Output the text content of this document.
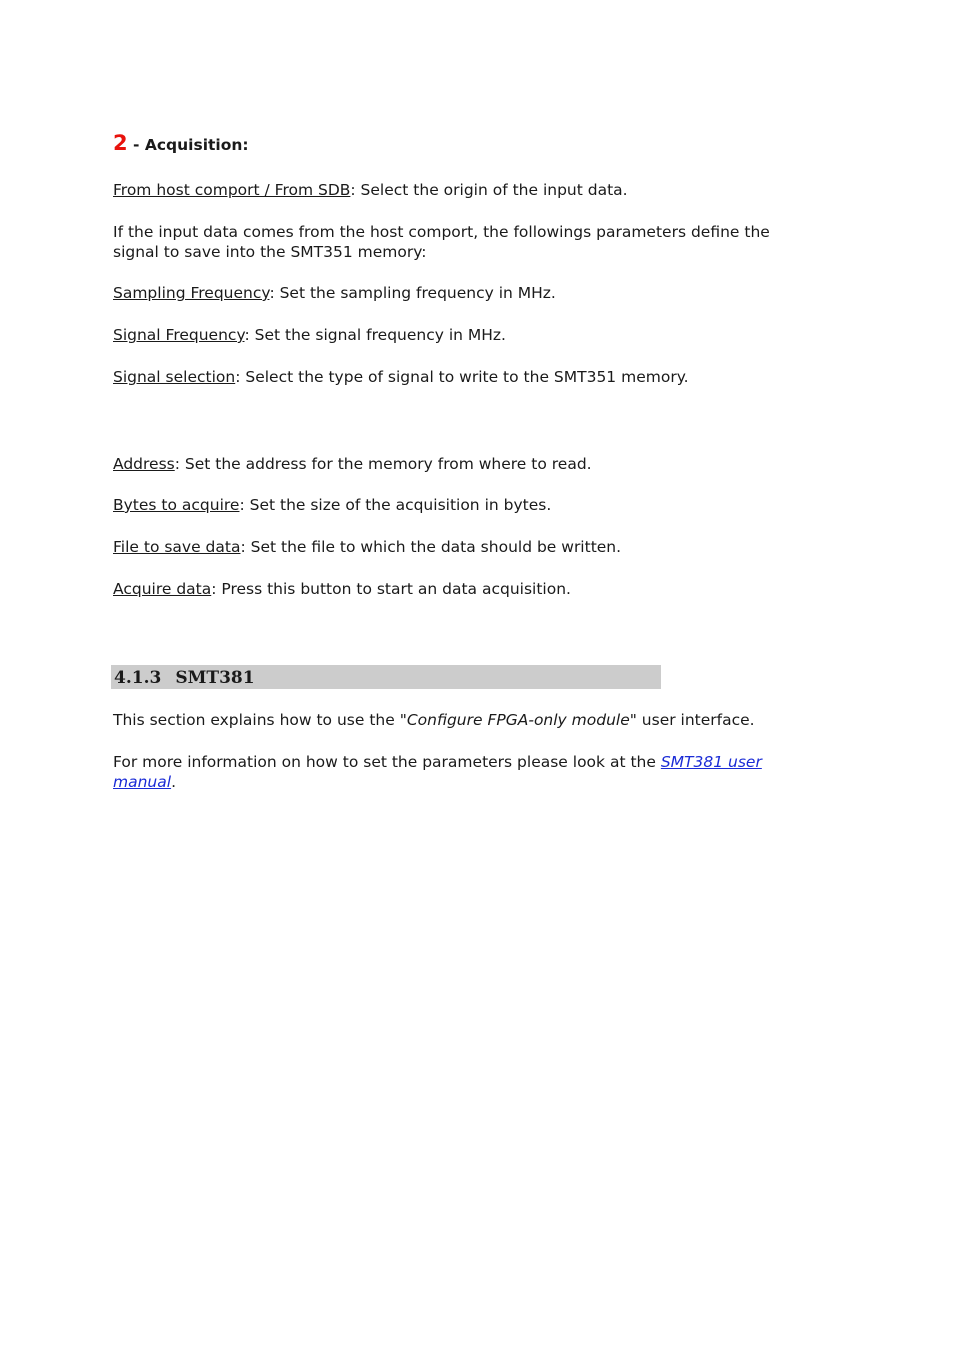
2 - Acquisition:
From host comport / From SDB: Select the origin of the input data.
If the input data comes from the host comport, the followings parameters define the signal to save into the SMT351 memory:
Sampling Frequency: Set the sampling frequency in MHz.
Signal Frequency: Set the signal frequency in MHz.
Signal selection: Select the type of signal to write to the SMT351 memory.
Address: Set the address for the memory from where to read.
Bytes to acquire: Set the size of the acquisition in bytes.
File to save data: Set the file to which the data should be written.
Acquire data: Press this button to start an data acquisition.
4.1.3 SMT381
This section explains how to use the "Configure FPGA-only module" user interface.
For more information on how to set the parameters please look at the SMT381 user
manual.
